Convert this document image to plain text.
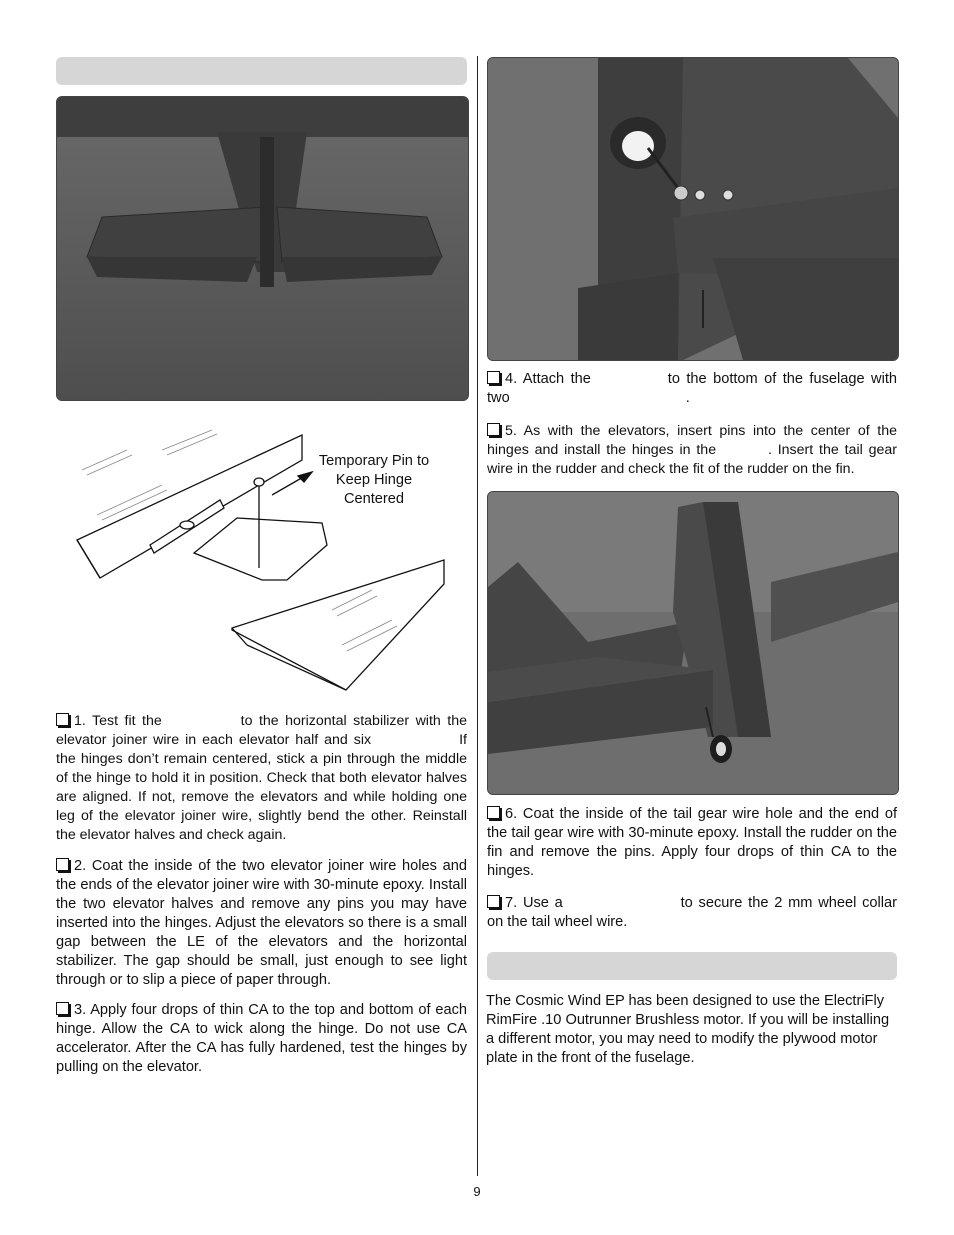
Temporary Pin to Keep Hinge Centered
1. Test fit the	to the horizontal stabilizer with the elevator joiner wire in each elevator half and six	If the hinges don’t remain centered, stick a pin through the middle of the hinge to hold it in position. Check that both elevator halves are aligned. If not, remove the elevators and while holding one leg of the elevator joiner wire, slightly bend the other. Reinstall the elevator halves and check again.
2. Coat the inside of the two elevator joiner wire holes and the ends of the elevator joiner wire with 30-minute epoxy. Install the two elevator halves and remove any pins you may have inserted into the hinges. Adjust the elevators so there is a small gap between the LE of the elevators and the horizontal stabilizer. The gap should be small, just enough to see light through or to slip a piece of paper through.
3. Apply four drops of thin CA to the top and bottom of each hinge. Allow the CA to wick along the hinge. Do not use CA accelerator. After the CA has fully hardened, test the hinges by pulling on the elevator.
4. Attach the	to the bottom of the fuselage with two	.
5. As with the elevators, insert pins into the center of the hinges and install the hinges in the	. Insert the tail gear wire in the rudder and check the fit of the rudder on the fin.
6. Coat the inside of the tail gear wire hole and the end of the tail gear wire with 30-minute epoxy. Install the rudder on the fin and remove the pins. Apply four drops of thin CA to the hinges.
7. Use a	to secure the 2 mm wheel collar on the tail wheel wire.
The Cosmic Wind EP has been designed to use the ElectriFly RimFire .10 Outrunner Brushless motor. If you will be installing a different motor, you may need to modify the plywood motor plate in the front of the fuselage.
9
